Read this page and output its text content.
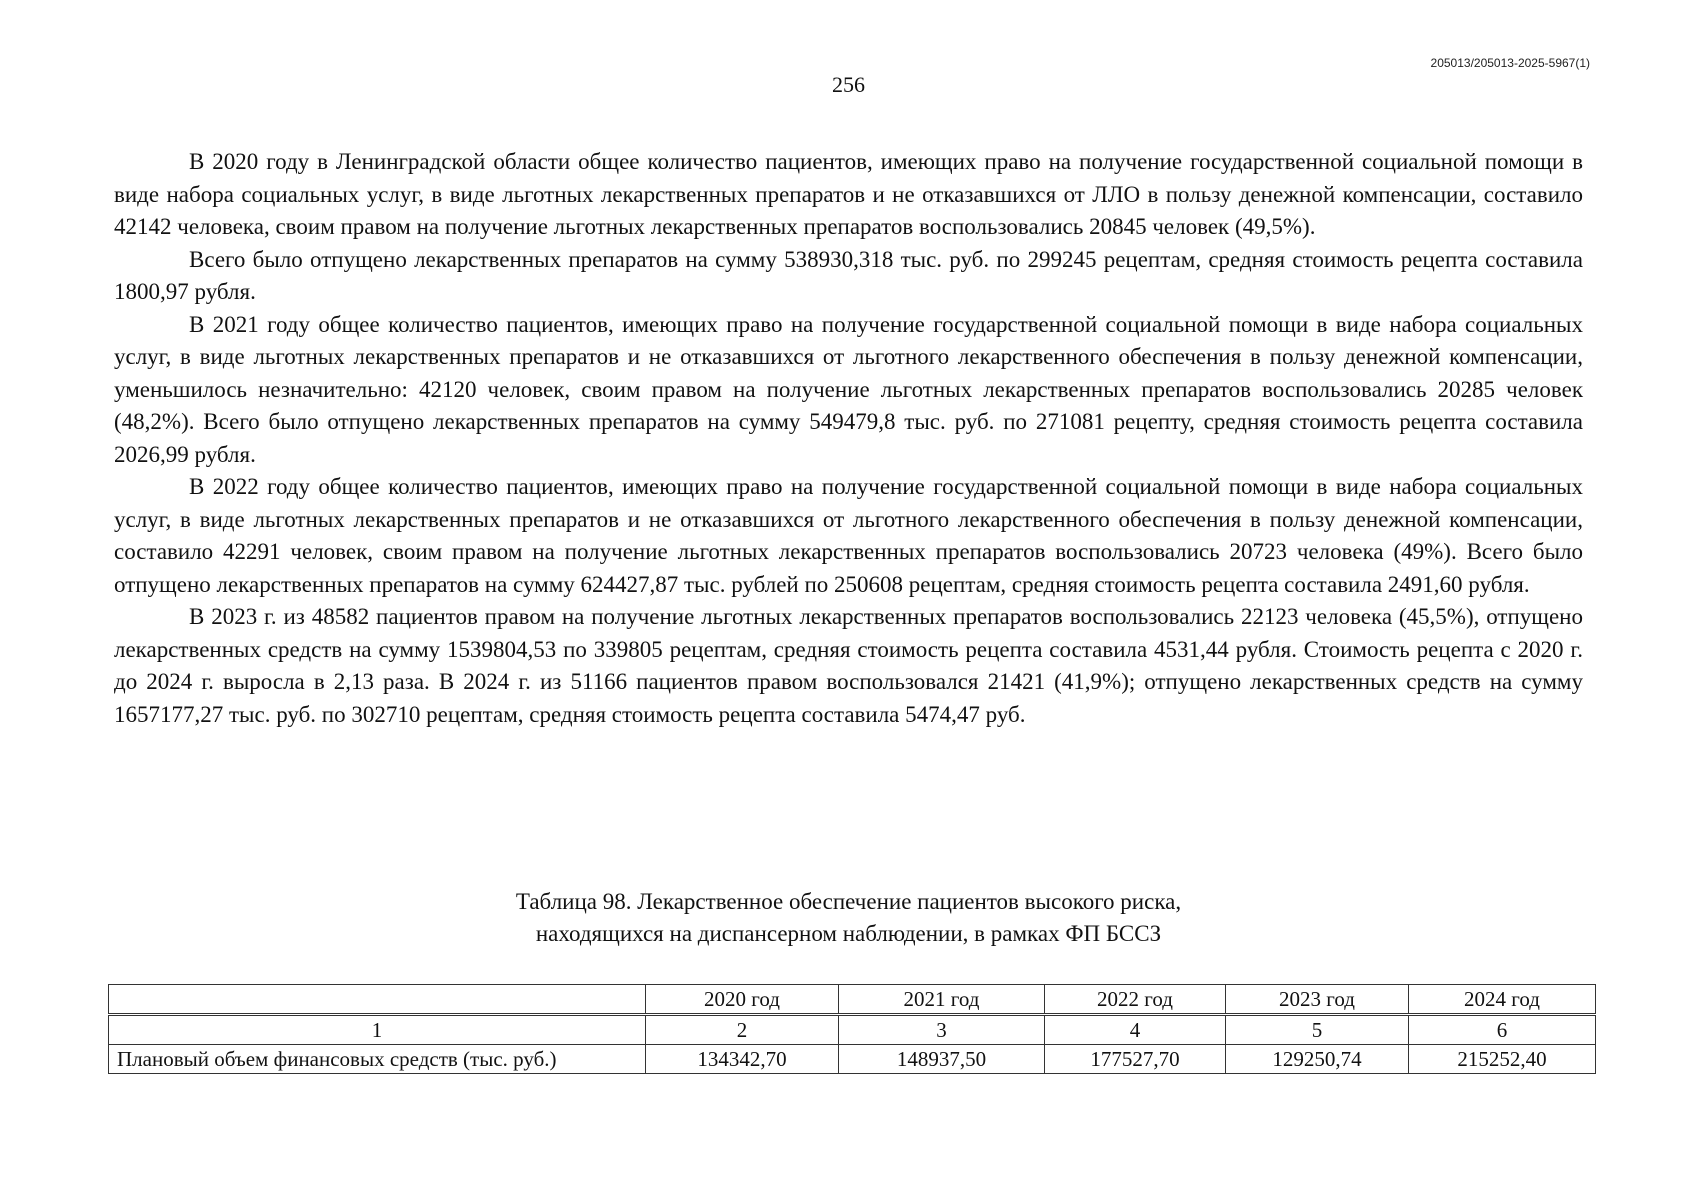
205013/205013-2025-5967(1)
256

В 2020 году в Ленинградской области общее количество пациентов, имеющих право на получение государственной социальной помощи в виде набора социальных услуг, в виде льготных лекарственных препаратов и не отказавшихся от ЛЛО в пользу денежной компенсации, составило 42142 человека, своим правом на получение льготных лекарственных препаратов воспользовались 20845 человек (49,5%).

Всего было отпущено лекарственных препаратов на сумму 538930,318 тыс. руб. по 299245 рецептам, средняя стоимость рецепта составила 1800,97 рубля.

В 2021 году общее количество пациентов, имеющих право на получение государственной социальной помощи в виде набора социальных услуг, в виде льготных лекарственных препаратов и не отказавшихся от льготного лекарственного обеспечения в пользу денежной компенсации, уменьшилось незначительно: 42120 человек, своим правом на получение льготных лекарственных препаратов воспользовались 20285 человек (48,2%). Всего было отпущено лекарственных препаратов на сумму 549479,8 тыс. руб. по 271081 рецепту, средняя стоимость рецепта составила 2026,99 рубля.

В 2022 году общее количество пациентов, имеющих право на получение государственной социальной помощи в виде набора социальных услуг, в виде льготных лекарственных препаратов и не отказавшихся от льготного лекарственного обеспечения в пользу денежной компенсации, составило 42291 человек, своим правом на получение льготных лекарственных препаратов воспользовались 20723 человека (49%). Всего было отпущено лекарственных препаратов на сумму 624427,87 тыс. рублей по 250608 рецептам, средняя стоимость рецепта составила 2491,60 рубля.

В 2023 г. из 48582 пациентов правом на получение льготных лекарственных препаратов воспользовались 22123 человека (45,5%), отпущено лекарственных средств на сумму 1539804,53 по 339805 рецептам, средняя стоимость рецепта составила 4531,44 рубля. Стоимость рецепта с 2020 г. до 2024 г. выросла в 2,13 раза. В 2024 г. из 51166 пациентов правом воспользовался 21421 (41,9%); отпущено лекарственных средств на сумму 1657177,27 тыс. руб. по 302710 рецептам, средняя стоимость рецепта составила 5474,47 руб.

Таблица 98. Лекарственное обеспечение пациентов высокого риска,
находящихся на диспансерном наблюдении, в рамках ФП БССЗ
	2020 год	2021 год	2022 год	2023 год	2024 год
1	2	3	4	5	6
Плановый объем финансовых средств (тыс. руб.)	134342,70	148937,50	177527,70	129250,74	215252,40
